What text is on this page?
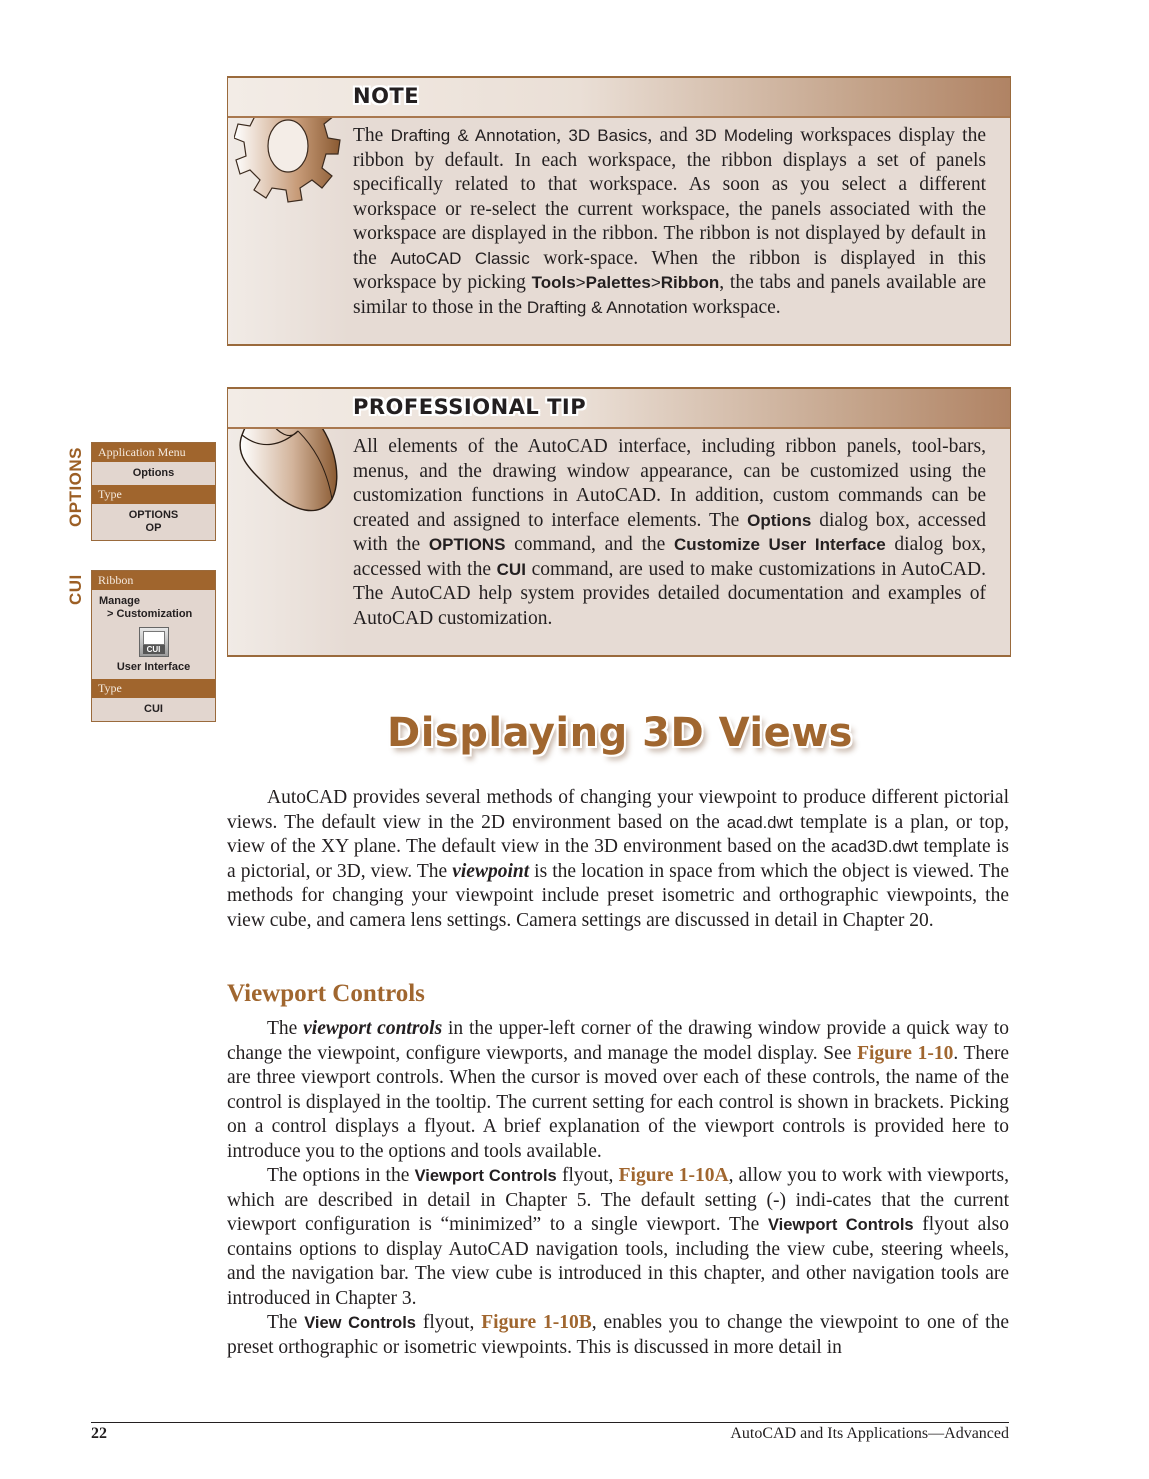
NOTE
The Drafting & Annotation, 3D Basics, and 3D Modeling workspaces display the ribbon by default. In each workspace, the ribbon displays a set of panels specifically related to that workspace. As soon as you select a different workspace or re-select the current workspace, the panels associated with the workspace are displayed in the ribbon. The ribbon is not displayed by default in the AutoCAD Classic work-space. When the ribbon is displayed in this workspace by picking Tools>Palettes>Ribbon, the tabs and panels available are similar to those in the Drafting & Annotation workspace.
PROFESSIONAL TIP
All elements of the AutoCAD interface, including ribbon panels, tool-bars, menus, and the drawing window appearance, can be customized using the customization functions in AutoCAD. In addition, custom commands can be created and assigned to interface elements. The Options dialog box, accessed with the OPTIONS command, and the Customize User Interface dialog box, accessed with the CUI command, are used to make customizations in AutoCAD. The AutoCAD help system provides detailed documentation and examples of AutoCAD customization.
OPTIONS	Application Menu
Options
Type
OPTIONS
OP
CUI	Ribbon
Manage
> Customization
CUI
User Interface
Type
CUI
Displaying 3D Views

AutoCAD provides several methods of changing your viewpoint to produce different pictorial views. The default view in the 2D environment based on the acad.dwt template is a plan, or top, view of the XY plane. The default view in the 3D environment based on the acad3D.dwt template is a pictorial, or 3D, view. The viewpoint is the location in space from which the object is viewed. The methods for changing your viewpoint include preset isometric and orthographic viewpoints, the view cube, and camera lens settings. Camera settings are discussed in detail in Chapter 20.

Viewport Controls

The viewport controls in the upper-left corner of the drawing window provide a quick way to change the viewpoint, configure viewports, and manage the model display. See Figure 1-10. There are three viewport controls. When the cursor is moved over each of these controls, the name of the control is displayed in the tooltip. The current setting for each control is shown in brackets. Picking on a control displays a flyout. A brief explanation of the viewport controls is provided here to introduce you to the options and tools available.

The options in the Viewport Controls flyout, Figure 1-10A, allow you to work with viewports, which are described in detail in Chapter 5. The default setting (-) indi-cates that the current viewport configuration is “minimized” to a single viewport. The Viewport Controls flyout also contains options to display AutoCAD navigation tools, including the view cube, steering wheels, and the navigation bar. The view cube is introduced in this chapter, and other navigation tools are introduced in Chapter 3.

The View Controls flyout, Figure 1-10B, enables you to change the viewpoint to one of the preset orthographic or isometric viewpoints. This is discussed in more detail in

22	AutoCAD and Its Applications—Advanced
